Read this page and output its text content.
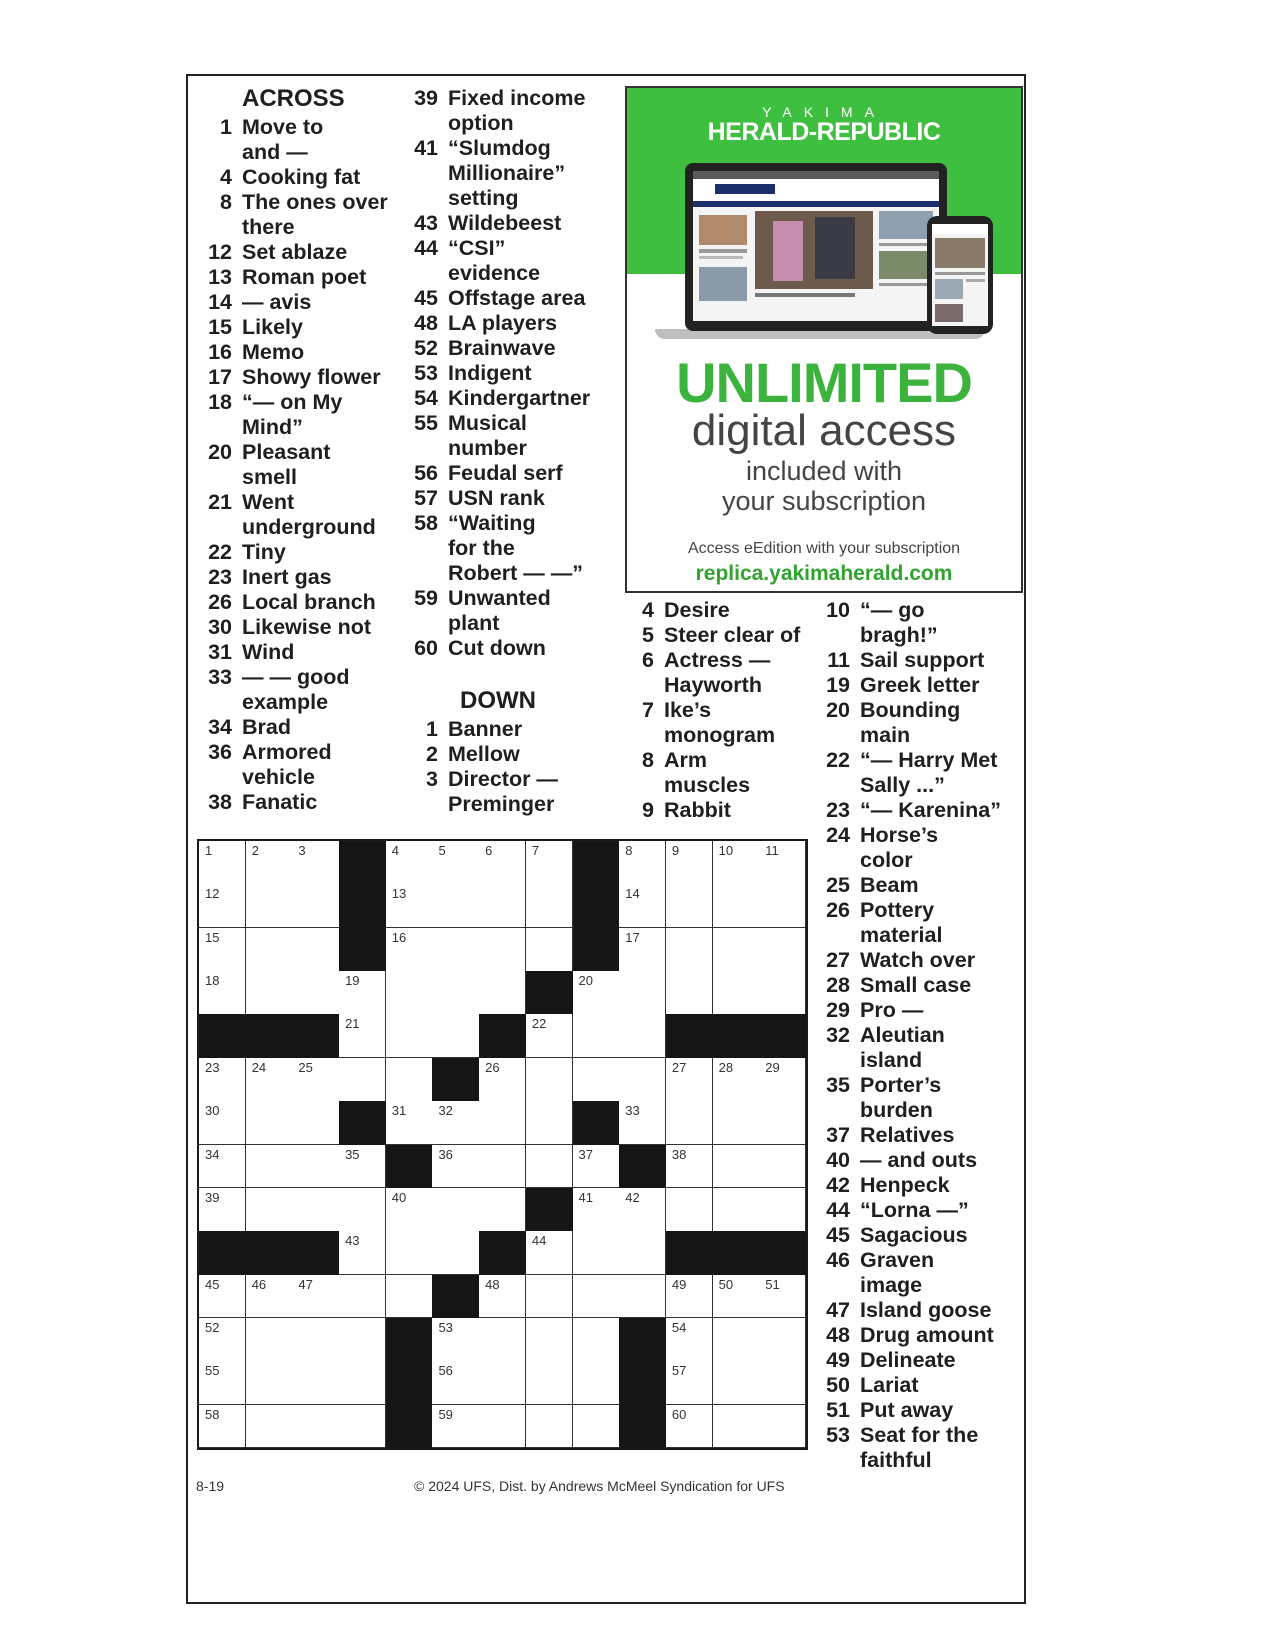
ACROSS
1 Move to
and —
4 Cooking fat
8 The ones over
there
12 Set ablaze
13 Roman poet
14 — avis
15 Likely
16 Memo
17 Showy flower
18 “— on My
Mind”
20 Pleasant
smell
21 Went
underground
22 Tiny
23 Inert gas
26 Local branch
30 Likewise not
31 Wind
33 — — good
example
34 Brad
36 Armored
vehicle
38 Fanatic
39 Fixed income
option
41 “Slumdog
Millionaire”
setting
43 Wildebeest
44 “CSI”
evidence
45 Offstage area
48 LA players
52 Brainwave
53 Indigent
54 Kindergartner
55 Musical
number
56 Feudal serf
57 USN rank
58 “Waiting
for the
Robert — —”
59 Unwanted
plant
60 Cut down
DOWN
1 Banner
2 Mellow
3 Director —
Preminger
4 Desire
5 Steer clear of
6 Actress —
Hayworth
7 Ike’s
monogram
8 Arm
muscles
9 Rabbit
10 “— go
bragh!”
11 Sail support
19 Greek letter
20 Bounding
main
22 “— Harry Met
Sally ...”
23 “— Karenina”
24 Horse’s
color
25 Beam
26 Pottery
material
27 Watch over
28 Small case
29 Pro —
32 Aleutian
island
35 Porter’s
burden
37 Relatives
40 — and outs
42 Henpeck
44 “Lorna —”
45 Sagacious
46 Graven
image
47 Island goose
48 Drug amount
49 Delineate
50 Lariat
51 Put away
53 Seat for the
faithful
YAKIMA
HERALD-REPUBLIC
UNLIMITED
digital access
included with
your subscription
Access eEdition with your subscription
replica.yakimaherald.com
1	2	3	4	5	6	7	8	9	10 11
12	13	14
15	16	17
18	19	20
21	22
23 24 25	26	27 28 29
30	31 32	33
34	35	36	37	38
39	40	41 42
43	44
45 46 47	48	49 50 51
52	53	54
55	56	57
58	59	60
8-19	© 2024 UFS, Dist. by Andrews McMeel Syndication for UFS
